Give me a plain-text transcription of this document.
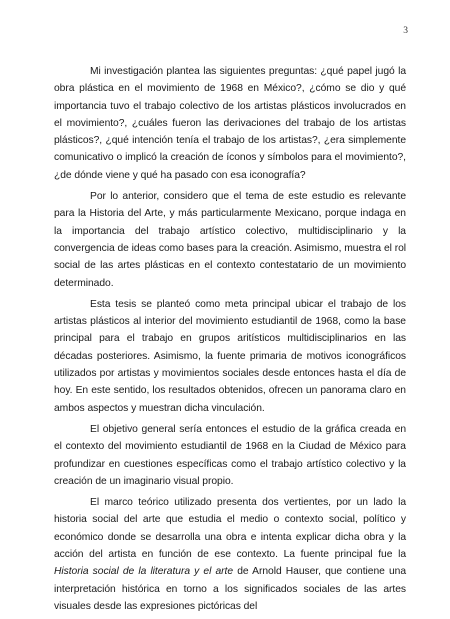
3

Mi investigación plantea las siguientes preguntas: ¿qué papel jugó la obra plástica en el movimiento de 1968 en México?, ¿cómo se dio y qué importancia tuvo el trabajo colectivo de los artistas plásticos involucrados en el movimiento?, ¿cuáles fueron las derivaciones del trabajo de los artistas plásticos?, ¿qué intención tenía el trabajo de los artistas?, ¿era simplemente comunicativo o implicó la creación de íconos y símbolos para el movimiento?, ¿de dónde viene y qué ha pasado con esa iconografía?

Por lo anterior, considero que el tema de este estudio es relevante para la Historia del Arte, y más particularmente Mexicano, porque indaga en la importancia del trabajo artístico colectivo, multidisciplinario y la convergencia de ideas como bases para la creación. Asimismo, muestra el rol social de las artes plásticas en el contexto contestatario de un movimiento determinado.

Esta tesis se planteó como meta principal ubicar el trabajo de los artistas plásticos al interior del movimiento estudiantil de 1968, como la base principal para el trabajo en grupos aritísticos multidisciplinarios en las décadas posteriores. Asimismo, la fuente primaria de motivos iconográficos utilizados por artistas y movimientos sociales desde entonces hasta el día de hoy. En este sentido, los resultados obtenidos, ofrecen un panorama claro en ambos aspectos y muestran dicha vinculación.

El objetivo general sería entonces el estudio de la gráfica creada en el contexto del movimiento estudiantil de 1968 en la Ciudad de México para profundizar en cuestiones específicas como el trabajo artístico colectivo y la creación de un imaginario visual propio.

El marco teórico utilizado presenta dos vertientes, por un lado la historia social del arte que estudia el medio o contexto social, político y económico donde se desarrolla una obra e intenta explicar dicha obra y la acción del artista en función de ese contexto. La fuente principal fue la Historia social de la literatura y el arte de Arnold Hauser, que contiene una interpretación histórica en torno a los significados sociales de las artes visuales desde las expresiones pictóricas del
